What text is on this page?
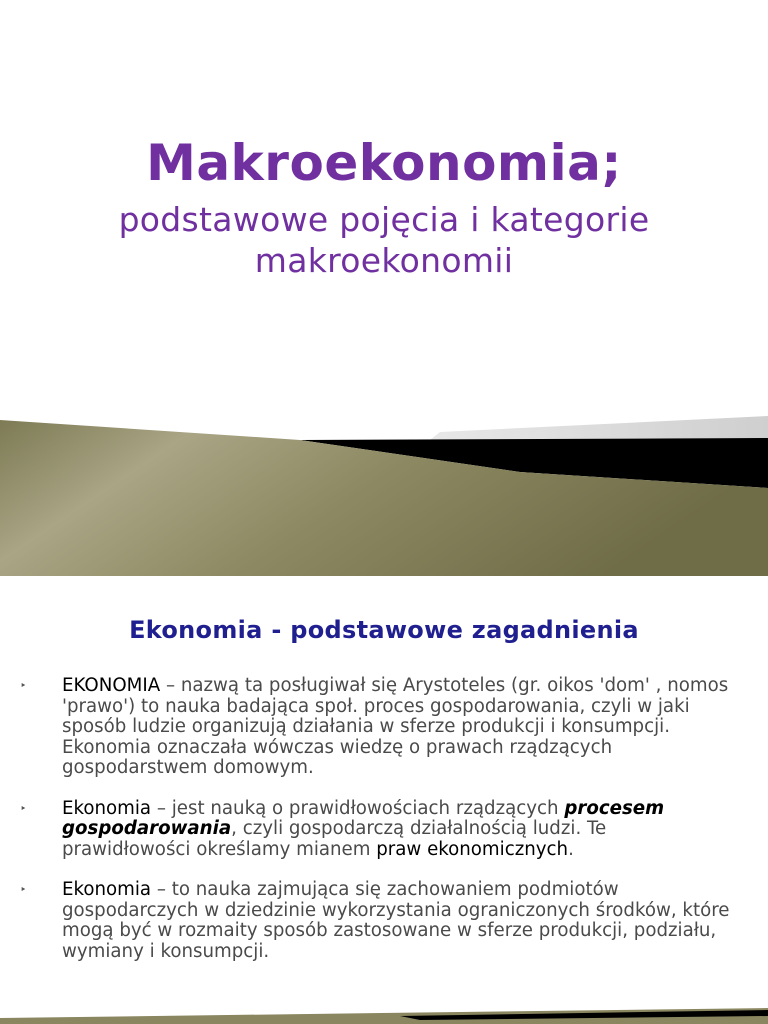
Makroekonomia;
podstawowe pojęcia i kategorie
makroekonomii
Ekonomia - podstawowe zagadnienia
‣ EKONOMIA – nazwą ta posługiwał się Arystoteles (gr. oikos 'dom' , nomos 'prawo') to nauka badająca społ. proces gospodarowania, czyli w jaki sposób ludzie organizują działania w sferze produkcji i konsumpcji. Ekonomia oznaczała wówczas wiedzę o prawach rządzących gospodarstwem domowym.
‣ Ekonomia – jest nauką o prawidłowościach rządzących procesem gospodarowania, czyli gospodarczą działalnością ludzi. Te prawidłowości określamy mianem praw ekonomicznych.
‣ Ekonomia – to nauka zajmująca się zachowaniem podmiotów gospodarczych w dziedzinie wykorzystania ograniczonych środków, które mogą być w rozmaity sposób zastosowane w sferze produkcji, podziału, wymiany i konsumpcji.
